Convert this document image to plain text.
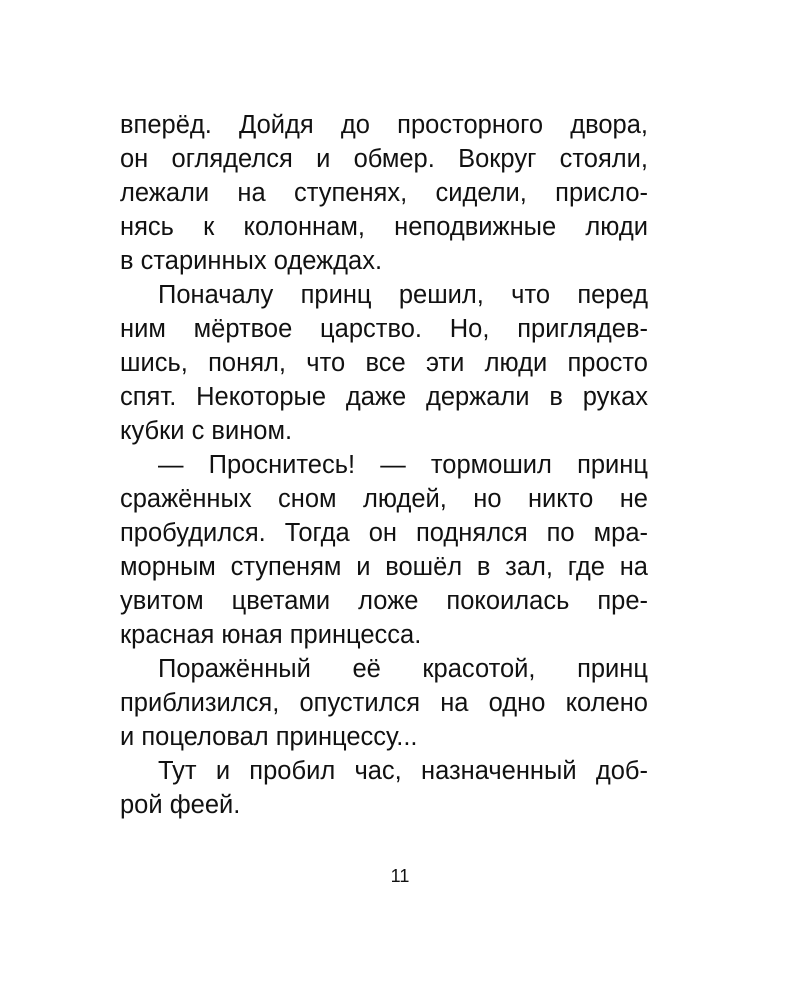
вперёд. Дойдя до просторного двора,
он огляделся и обмер. Вокруг стояли,
лежали на ступенях, сидели, присло-
нясь к колоннам, неподвижные люди
в старинных одеждах.

Поначалу принц решил, что перед
ним мёртвое царство. Но, приглядев-
шись, понял, что все эти люди просто
спят. Некоторые даже держали в руках
кубки с вином.

— Проснитесь! — тормошил принц
сражённых сном людей, но никто не
пробудился. Тогда он поднялся по мра-
морным ступеням и вошёл в зал, где на
увитом цветами ложе покоилась пре-
красная юная принцесса.

Поражённый её красотой, принц
приблизился, опустился на одно колено
и поцеловал принцессу...

Тут и пробил час, назначенный доб-
рой феей.

11
